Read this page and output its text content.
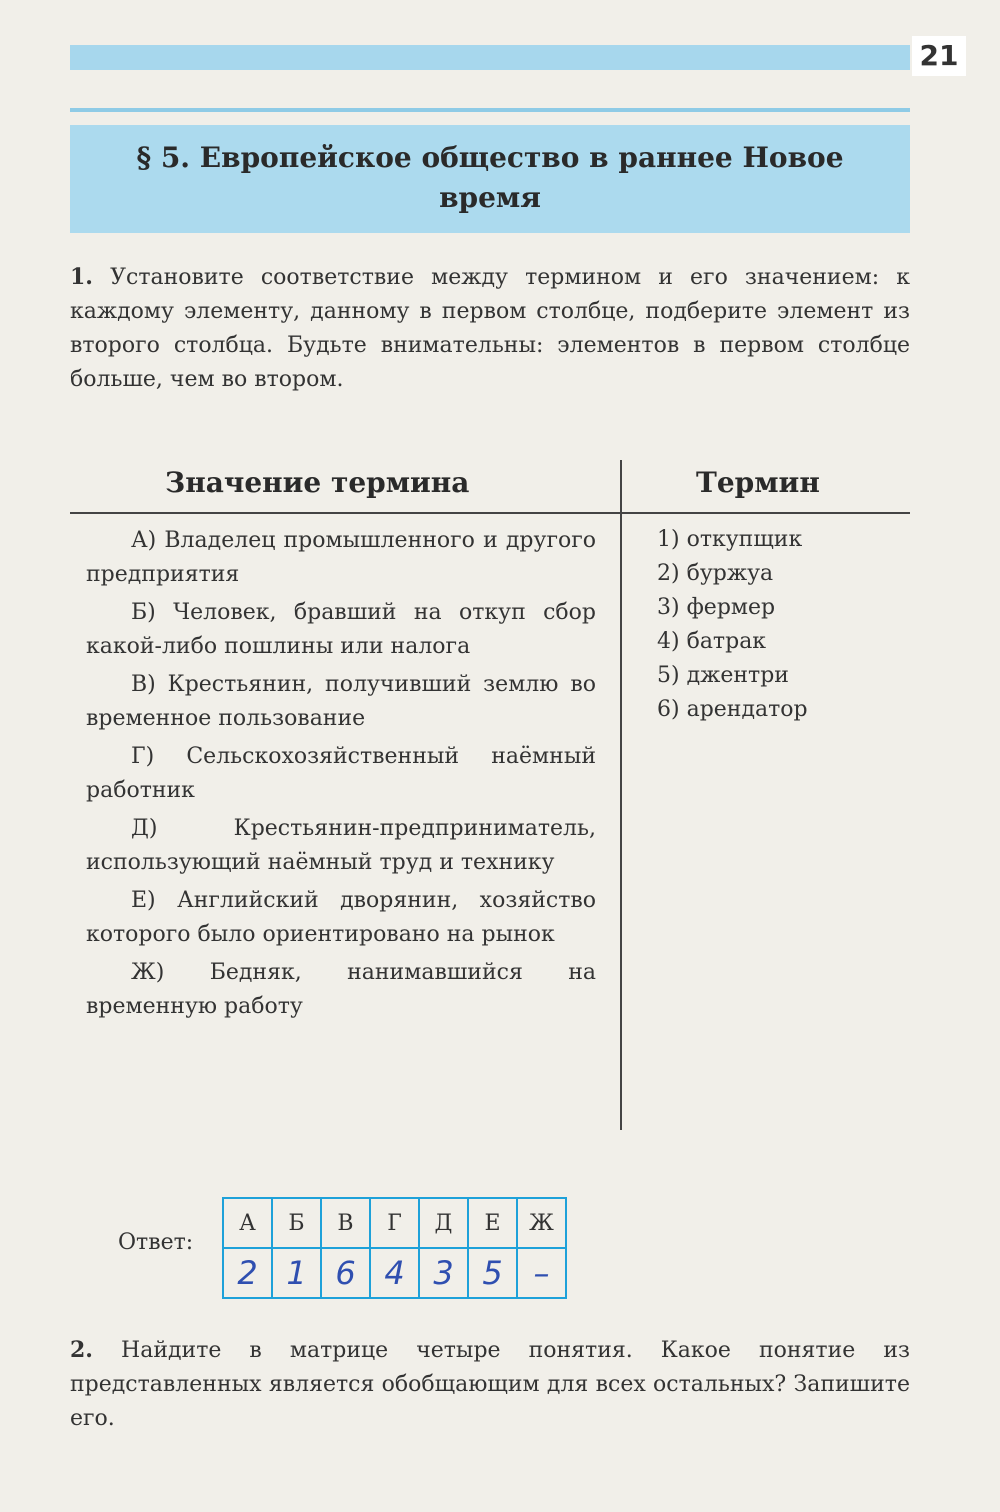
21
§ 5. Европейское общество в раннее Новое время
1. Установите соответствие между термином и его значением: к каждому элементу, данному в первом столбце, подберите элемент из второго столбца. Будьте внимательны: элементов в первом столбце больше, чем во втором.
Значение термина	Термин
А) Владелец промышленного и другого предприятия
Б) Человек, бравший на откуп сбор какой-либо пошлины или налога
В) Крестьянин, получивший землю во временное пользование
Г) Сельскохозяйственный наёмный работник
Д) Крестьянин-предприниматель, использующий наёмный труд и технику
Е) Английский дворянин, хозяйство которого было ориентировано на рынок
Ж) Бедняк, нанимавшийся на временную работу
1) откупщик
2) буржуа
3) фермер
4) батрак
5) джентри
6) арендатор
Ответ:
А	Б	В	Г	Д	Е	Ж
2	1	6	4	3	5	–
2. Найдите в матрице четыре понятия. Какое понятие из представленных является обобщающим для всех остальных? Запишите его.
